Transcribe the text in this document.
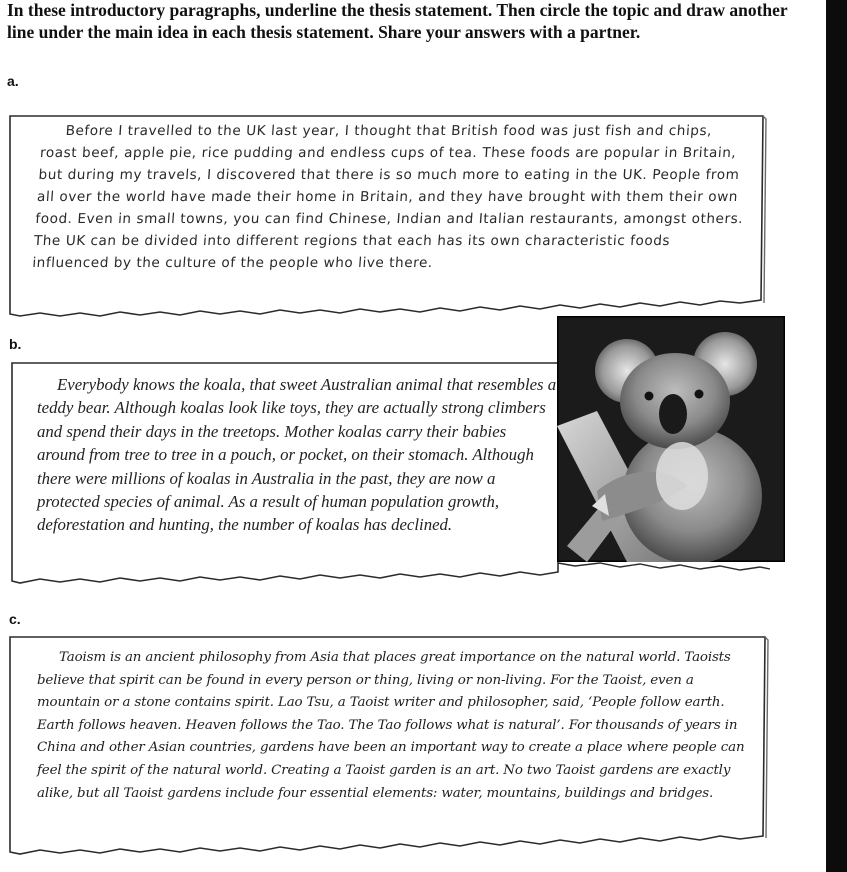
In these introductory paragraphs, underline the thesis statement. Then circle the topic and draw another line under the main idea in each thesis statement. Share your answers with a partner.
a.

Before I travelled to the UK last year, I thought that British food was just fish and chips, roast beef, apple pie, rice pudding and endless cups of tea. These foods are popular in Britain, but during my travels, I discovered that there is so much more to eating in the UK. People from all over the world have made their home in Britain, and they have brought with them their own food. Even in small towns, you can find Chinese, Indian and Italian restaurants, amongst others. The UK can be divided into different regions that each has its own characteristic foods influenced by the culture of the people who live there.

b.

Everybody knows the koala, that sweet Australian animal that resembles a teddy bear. Although koalas look like toys, they are actually strong climbers and spend their days in the treetops. Mother koalas carry their babies around from tree to tree in a pouch, or pocket, on their stomach. Although there were millions of koalas in Australia in the past, they are now a protected species of animal. As a result of human population growth, deforestation and hunting, the number of koalas has declined.

c.

Taoism is an ancient philosophy from Asia that places great importance on the natural world. Taoists believe that spirit can be found in every person or thing, living or non-living. For the Taoist, even a mountain or a stone contains spirit. Lao Tsu, a Taoist writer and philosopher, said, ‘People follow earth. Earth follows heaven. Heaven follows the Tao. The Tao follows what is natural’. For thousands of years in China and other Asian countries, gardens have been an important way to create a place where people can feel the spirit of the natural world. Creating a Taoist garden is an art. No two Taoist gardens are exactly alike, but all Taoist gardens include four essential elements: water, mountains, buildings and bridges.
